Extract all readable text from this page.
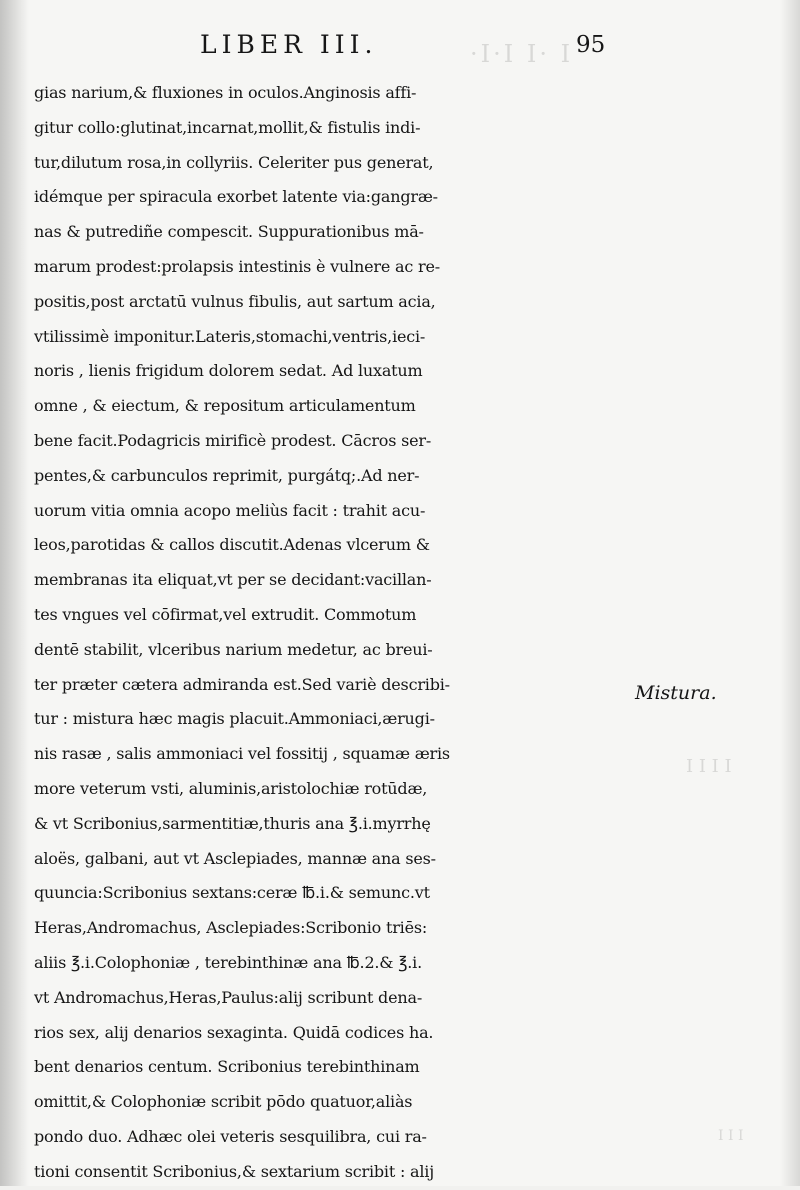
·Ι·Ι Ι· Ι
Ι Ι Ι Ι
Ι Ι Ι
LIBER III.	95
gias narium,& fluxiones in oculos.Anginosis affi-
gitur collo:glutinat,incarnat,mollit,& fistulis indi-
tur,dilutum rosa,in collyriis. Celeriter pus generat,
idémque per spiracula exorbet latente via:gangræ-
nas & putrediñe compescit. Suppurationibus mā-
marum prodest:prolapsis intestinis è vulnere ac re-
positis,post arctatū vulnus fibulis, aut sartum acia,
vtilissimè imponitur.Lateris,stomachi,ventris,ieci-
noris , lienis frigidum dolorem sedat. Ad luxatum
omne , & eiectum, & repositum articulamentum
bene facit.Podagricis mirificè prodest. Cācros ser-
pentes,& carbunculos reprimit, purgátq;.Ad ner-
uorum vitia omnia acopo meliùs facit : trahit acu-
leos,parotidas & callos discutit.Adenas vlcerum &
membranas ita eliquat,vt per se decidant:vacillan-
tes vngues vel cōfirmat,vel extrudit. Commotum
dentē stabilit, vlceribus narium medetur, ac breui-
ter præter cætera admiranda est.Sed variè describi-
tur : mistura hæc magis placuit.Ammoniaci,ærugi-
nis rasæ , salis ammoniaci vel fossitij , squamæ æris
more veterum vsti, aluminis,aristolochiæ rotūdæ,
& vt Scribonius,sarmentitiæ,thuris ana ℥.i.myrrhę
aloës, galbani, aut vt Asclepiades, mannæ ana ses-
quuncia:Scribonius sextans:ceræ ℔.i.& semunc.vt
Heras,Andromachus, Asclepiades:Scribonio triēs:
aliis ℥.i.Colophoniæ , terebinthinæ ana ℔.2.& ℥.i.
vt Andromachus,Heras,Paulus:alij scribunt dena-
rios sex, alij denarios sexaginta. Quidā codices ha.
bent denarios centum. Scribonius terebinthinam
omittit,& Colophoniæ scribit pōdo quatuor,aliàs
pondo duo. Adhæc olei veteris sesquilibra, cui ra-
tioni consentit Scribonius,& sextarium scribit : alij
Mistura.
